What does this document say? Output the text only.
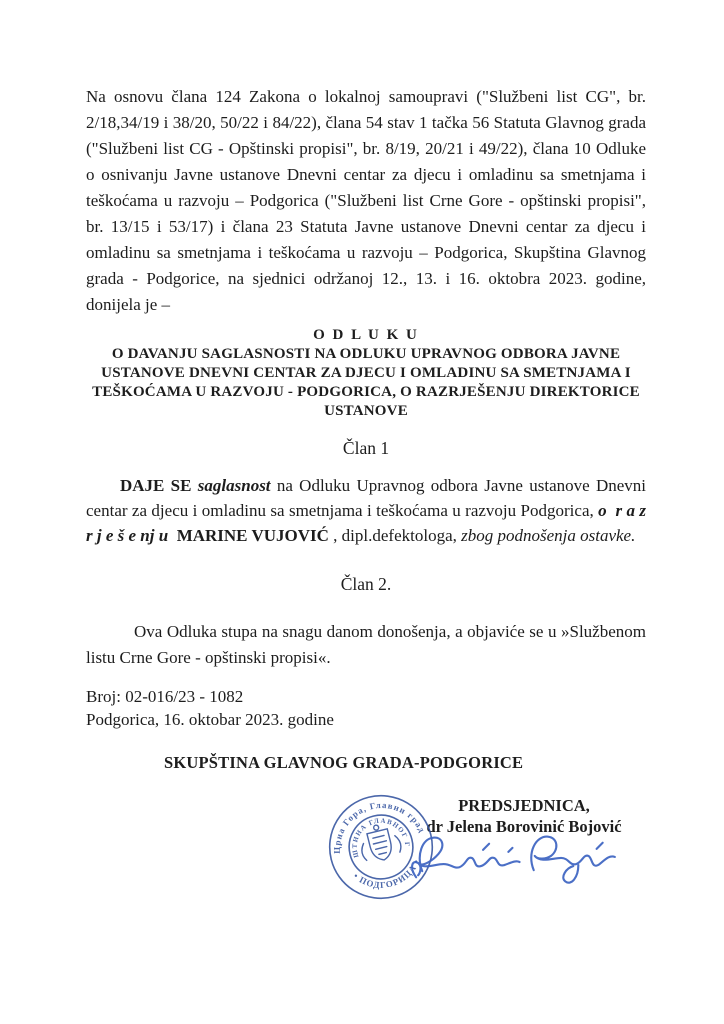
Na osnovu člana 124 Zakona o lokalnoj samoupravi ("Službeni list CG", br. 2/18,34/19 i 38/20, 50/22 i 84/22), člana 54 stav 1 tačka 56 Statuta Glavnog grada ("Službeni list CG - Opštinski propisi", br. 8/19, 20/21 i 49/22), člana 10 Odluke o osnivanju Javne ustanove Dnevni centar za djecu i omladinu sa smetnjama i teškoćama u razvoju – Podgorica ("Službeni list Crne Gore - opštinski propisi", br. 13/15 i 53/17) i člana 23 Statuta Javne ustanove Dnevni centar za djecu i omladinu sa smetnjama i teškoćama u razvoju – Podgorica, Skupština Glavnog grada - Podgorice, na sjednici održanoj 12., 13. i 16. oktobra 2023. godine, donijela je –

O D L U K U
O DAVANJU SAGLASNOSTI NA ODLUKU UPRAVNOG ODBORA JAVNE
USTANOVE DNEVNI CENTAR ZA DJECU I OMLADINU SA SMETNJAMA I
TEŠKOĆAMA U RAZVOJU - PODGORICA, O RAZRJEŠENJU DIREKTORICE
USTANOVE

Član 1

DAJE SE saglasnost na Odluku Upravnog odbora Javne ustanove Dnevni centar za djecu i omladinu sa smetnjama i teškoćama u razvoju Podgorica, o  r a z r j e š e nj u  MARINE VUJOVIĆ , dipl.defektologa, zbog podnošenja ostavke.

Član 2.

Ova Odluka stupa na snagu danom donošenja, a objaviće se u »Službenom listu Crne Gore - opštinski propisi«.

Broj: 02-016/23 - 1082
Podgorica, 16. oktobar 2023. godine
SKUPŠTINA GLAVNOG GRADA-PODGORICE
PREDSJEDNICA,
dr Jelena Borovinić Bojović
Црна Гора, Главни град
• ПОДГОРИЦА •
СКУПШТИНА ГЛАВНОГ ГРАДА
